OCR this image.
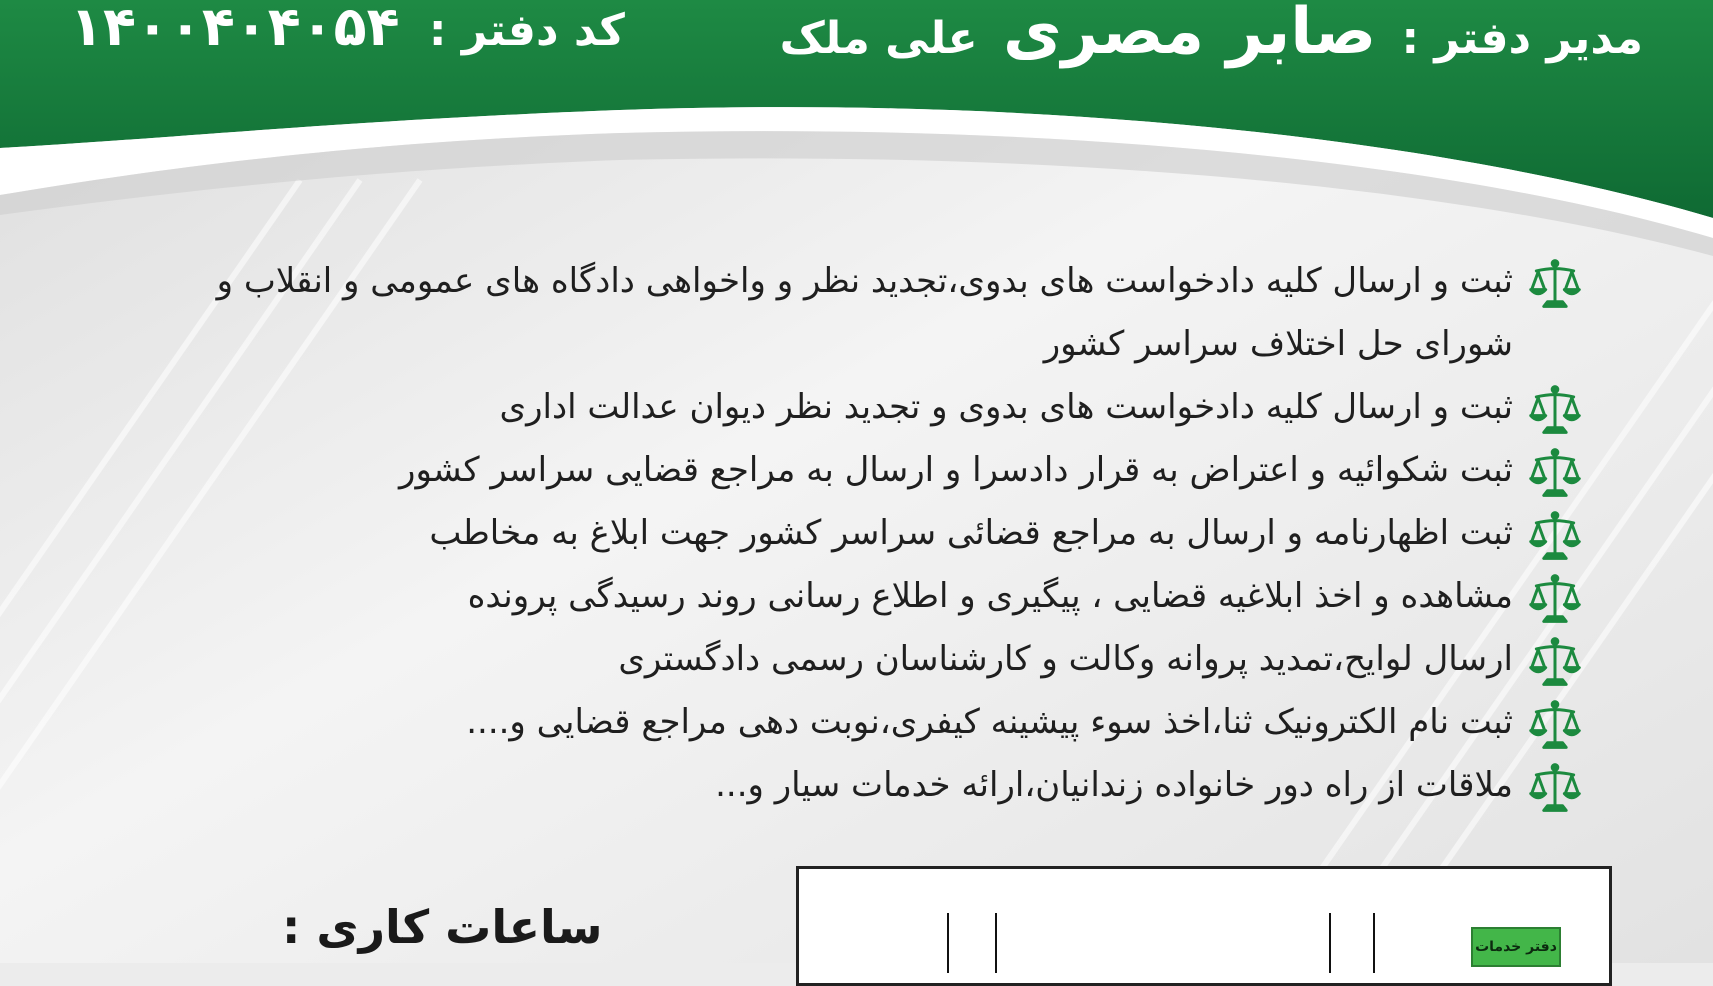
مدیر دفتر : صابر مصری علی ملک
کد دفتر : ۱۴۰۰۴۰۴۰۵۴
ثبت و ارسال کلیه دادخواست های بدوی،تجدید نظر و واخواهی دادگاه های عمومی و انقلاب و شورای حل اختلاف سراسر کشور
ثبت و ارسال کلیه دادخواست های بدوی و تجدید نظر دیوان عدالت اداری
ثبت شکوائیه و اعتراض به قرار دادسرا و ارسال به مراجع قضایی سراسر کشور
ثبت اظهارنامه و ارسال به مراجع قضائی سراسر کشور جهت ابلاغ به مخاطب
مشاهده و اخذ ابلاغیه قضایی ، پیگیری و اطلاع رسانی روند رسیدگی پرونده
ارسال لوایح،تمدید پروانه وکالت و کارشناسان رسمی دادگستری
ثبت نام الکترونیک ثنا،اخذ سوء پیشینه کیفری،نوبت دهی مراجع قضایی و....
ملاقات از راه دور خانواده زندانیان،ارائه خدمات سیار و...
دفتر خدمات
ساعات کاری :
